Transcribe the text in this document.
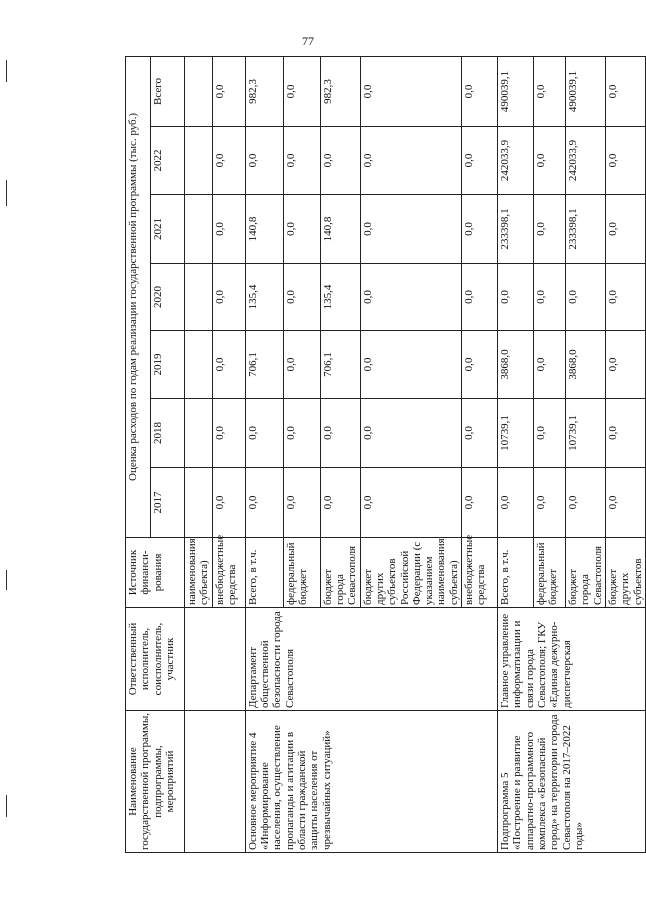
77
Наименование государственной программы, подпрограммы, мероприятий	Ответственный исполнитель, соисполнитель, участник	Источник финанси-рования	Оценка расходов по годам реализации государственной программы (тыс. руб.)						
			2017	2018	2019	2020	2021	2022	Всего
		наименования субъекта)							
		внебюджетные средства	0,0	0,0	0,0	0,0	0,0	0,0	0,0
Основное мероприятие 4 «Информирование населения, осуществление пропаганды и агитации в области гражданской защиты населения от чрезвычайных ситуаций»	Департамент общественной безопасности города Севастополя	Всего, в т.ч.	0,0	0,0	706,1	135,4	140,8	0,0	982,3
		федеральный бюджет	0,0	0,0	0,0	0,0	0,0	0,0	0,0
		бюджет города Севастополя	0,0	0,0	706,1	135,4	140,8	0,0	982,3
		бюджет других субъектов Российской Федерации (с указанием наименования субъекта)	0,0	0,0	0,0	0,0	0,0	0,0	0,0
		внебюджетные средства	0,0	0,0	0,0	0,0	0,0	0,0	0,0
Подпрограмма 5 «Построение и развитие аппаратно-программного комплекса «Безопасный город» на территории города Севастополя на 2017–2022 годы»	Главное управление информатизации и связи города Севастополя; ГКУ «Единая дежурно-диспетчерская	Всего, в т.ч.	0,0	10739,1	3868,0	0,0	233398,1	242033,9	490039,1
		федеральный бюджет	0,0	0,0	0,0	0,0	0,0	0,0	0,0
		бюджет города Севастополя	0,0	10739,1	3868,0	0,0	233398,1	242033,9	490039,1
		бюджет других субъектов	0,0	0,0	0,0	0,0	0,0	0,0	0,0
